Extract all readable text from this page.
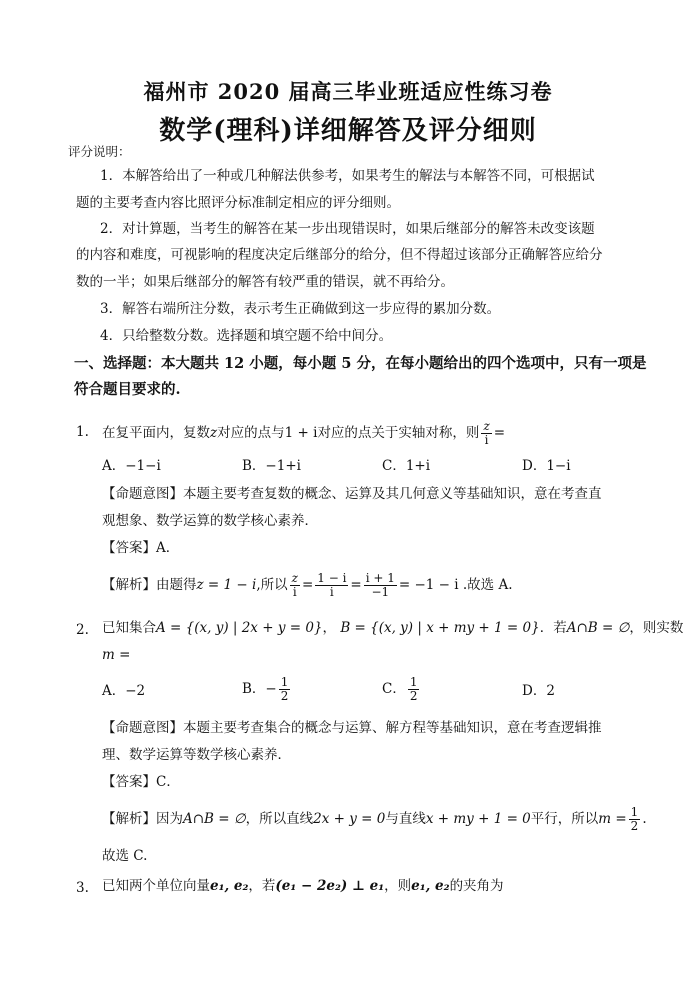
福州市 2020 届高三毕业班适应性练习卷
数学(理科)详细解答及评分细则
评分说明：
1．本解答给出了一种或几种解法供参考，如果考生的解法与本解答不同，可根据试
题的主要考查内容比照评分标准制定相应的评分细则。
2．对计算题，当考生的解答在某一步出现错误时，如果后继部分的解答未改变该题
的内容和难度，可视影响的程度决定后继部分的给分，但不得超过该部分正确解答应给分
数的一半；如果后继部分的解答有较严重的错误，就不再给分。
3．解答右端所注分数，表示考生正确做到这一步应得的累加分数。
4．只给整数分数。选择题和填空题不给中间分。
一、选择题：本大题共 12 小题，每小题 5 分，在每小题给出的四个选项中，只有一项是
符合题目要求的.
1. 在复平面内，复数z对应的点与1 + i对应的点关于实轴对称，则 $\frac{z}{i}$ =
A．−1−i	B．−1+i	C．1+i	D．1−i
【命题意图】本题主要考查复数的概念、运算及其几何意义等基础知识，意在考查直
观想象、数学运算的数学核心素养．
【答案】A．
【解析】由题得z = 1 − i,所以 $\frac{z}{i} = \frac{1 - i}{i} = \frac{i + 1}{-1} = -1 - i$ .故选 A.
2. 已知集合A = {(x, y) | 2x + y = 0}， B = {(x, y) | x + my + 1 = 0}．若A∩B = ∅，则实数
m =
A．−2	B．− $\frac{1}{2}$	C． $\frac{1}{2}$	D．2
【命题意图】本题主要考查集合的概念与运算、解方程等基础知识，意在考查逻辑推
理、数学运算等数学核心素养．
【答案】C．
【解析】因为A∩B = ∅，所以直线2x + y = 0与直线x + my + 1 = 0平行，所以$m = \frac{1}{2}$ .
故选 C.
3. 已知两个单位向量e₁, e₂，若(e₁ − 2e₂) ⊥ e₁，则e₁, e₂的夹角为
